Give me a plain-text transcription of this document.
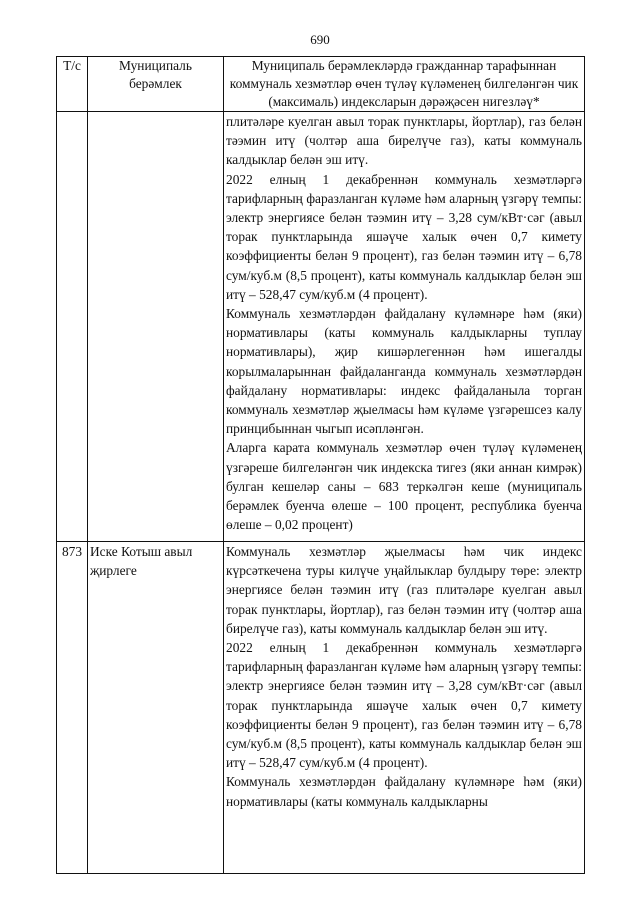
690
Т/с	Муниципаль берәмлек	Муниципаль берәмлекләрдә гражданнар тарафыннан коммуналь хезмәтләр өчен түләү күләменең билгеләнгән чик (максималь) индексларын дәрәҗәсен нигезләү*

		плитәләре куелган авыл торак пунктлары, йортлар), газ белән тәэмин итү (чолтәр аша бирелүче газ), каты коммуналь калдыклар белән эш итү.

2022 елның 1 декабреннән коммуналь хезмәтләргә тарифларның фаразланган күләме һәм аларның үзгәрү темпы: электр энергиясе белән тәэмин итү – 3,28 сум/кВт·сәг (авыл торак пунктларында яшәүче халык өчен 0,7 кимету коэффициенты белән 9 процент), газ белән тәэмин итү – 6,78 сум/куб.м (8,5 процент), каты коммуналь калдыклар белән эш итү – 528,47 сум/куб.м (4 процент).

Коммуналь хезмәтләрдән файдалану күләмнәре һәм (яки) нормативлары (каты коммуналь калдыкларны туплау нормативлары), җир кишәрлегеннән һәм ишегалды корылмаларыннан файдаланганда коммуналь хезмәтләрдән файдалану нормативлары: индекс файдаланыла торган коммуналь хезмәтләр җыелмасы һәм күләме үзгәрешсез калу принцибыннан чыгып исәпләнгән.

Аларга карата коммуналь хезмәтләр өчен түләү күләменең үзгәреше билгеләнгән чик индекска тигез (яки аннан кимрәк) булган кешеләр саны – 683 теркәлгән кеше (муниципаль берәмлек буенча өлеше – 100 процент, республика буенча өлеше – 0,02 процент)

873	Иске Котыш авыл җирлеге	Коммуналь хезмәтләр җыелмасы һәм чик индекс күрсәткечена туры килүче уңайлыклар булдыру төре: электр энергиясе белән тәэмин итү (газ плитәләре куелган авыл торак пунктлары, йортлар), газ белән тәэмин итү (чолтәр аша бирелүче газ), каты коммуналь калдыклар белән эш итү.

2022 елның 1 декабреннән коммуналь хезмәтләргә тарифларның фаразланган күләме һәм аларның үзгәрү темпы: электр энергиясе белән тәэмин итү – 3,28 сум/кВт·сәг (авыл торак пунктларында яшәүче халык өчен 0,7 кимету коэффициенты белән 9 процент), газ белән тәэмин итү – 6,78 сум/куб.м (8,5 процент), каты коммуналь калдыклар белән эш итү – 528,47 сум/куб.м (4 процент).

Коммуналь хезмәтләрдән файдалану күләмнәре һәм (яки) нормативлары (каты коммуналь калдыкларны
